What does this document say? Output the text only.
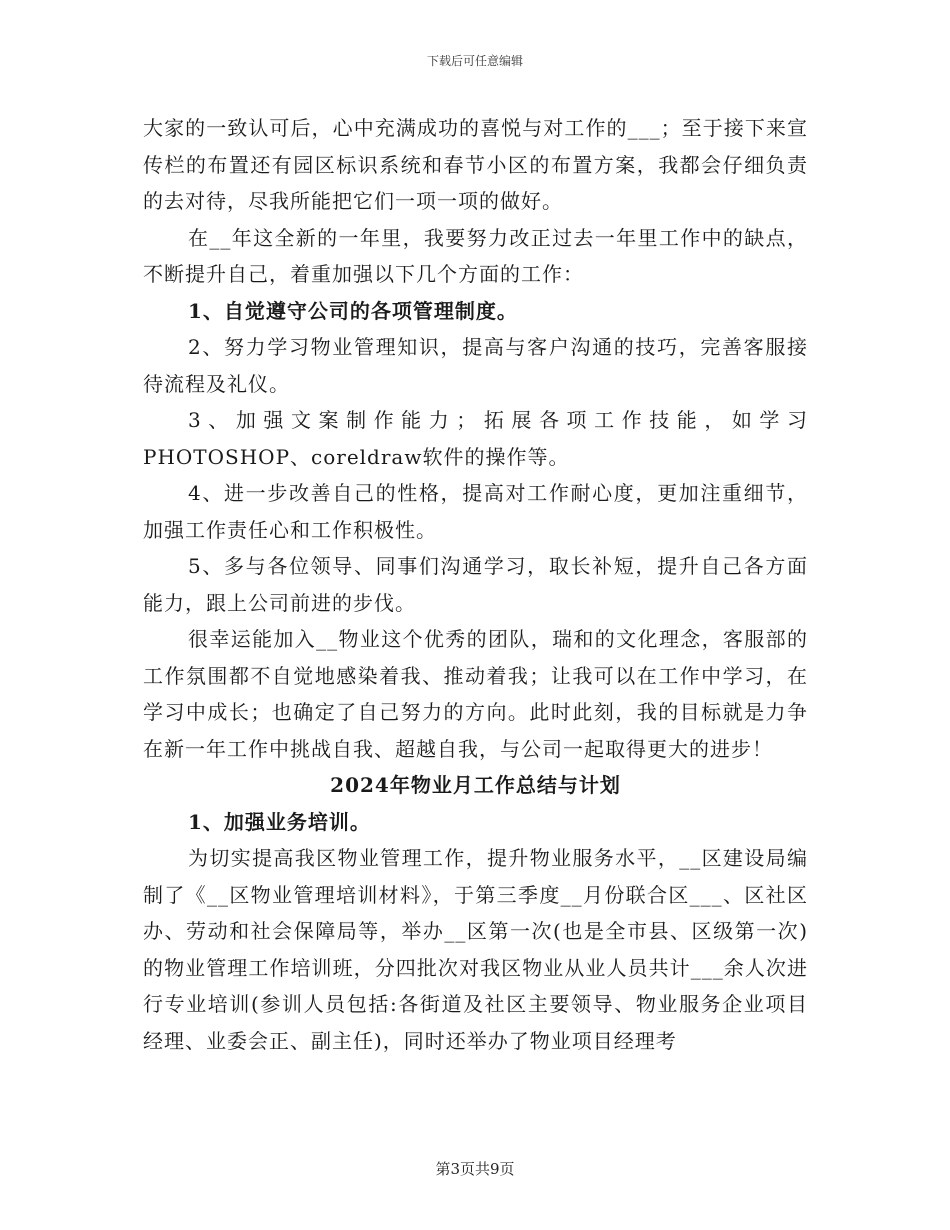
下载后可任意编辑

大家的一致认可后，心中充满成功的喜悦与对工作的___；至于接下来宣传栏的布置还有园区标识系统和春节小区的布置方案，我都会仔细负责的去对待，尽我所能把它们一项一项的做好。

在__年这全新的一年里，我要努力改正过去一年里工作中的缺点，不断提升自己，着重加强以下几个方面的工作：

1、自觉遵守公司的各项管理制度。

2、努力学习物业管理知识，提高与客户沟通的技巧，完善客服接待流程及礼仪。

3、加强文案制作能力；拓展各项工作技能，如学习PHOTOSHOP、coreldraw软件的操作等。

4、进一步改善自己的性格，提高对工作耐心度，更加注重细节，加强工作责任心和工作积极性。

5、多与各位领导、同事们沟通学习，取长补短，提升自己各方面能力，跟上公司前进的步伐。

很幸运能加入__物业这个优秀的团队，瑞和的文化理念，客服部的工作氛围都不自觉地感染着我、推动着我；让我可以在工作中学习，在学习中成长；也确定了自己努力的方向。此时此刻，我的目标就是力争在新一年工作中挑战自我、超越自我，与公司一起取得更大的进步！

2024年物业月工作总结与计划

1、加强业务培训。

为切实提高我区物业管理工作，提升物业服务水平，__区建设局编制了《__区物业管理培训材料》，于第三季度__月份联合区___、区社区办、劳动和社会保障局等，举办__区第一次(也是全市县、区级第一次)的物业管理工作培训班，分四批次对我区物业从业人员共计___余人次进行专业培训(参训人员包括:各街道及社区主要领导、物业服务企业项目经理、业委会正、副主任)，同时还举办了物业项目经理考

第3页共9页
